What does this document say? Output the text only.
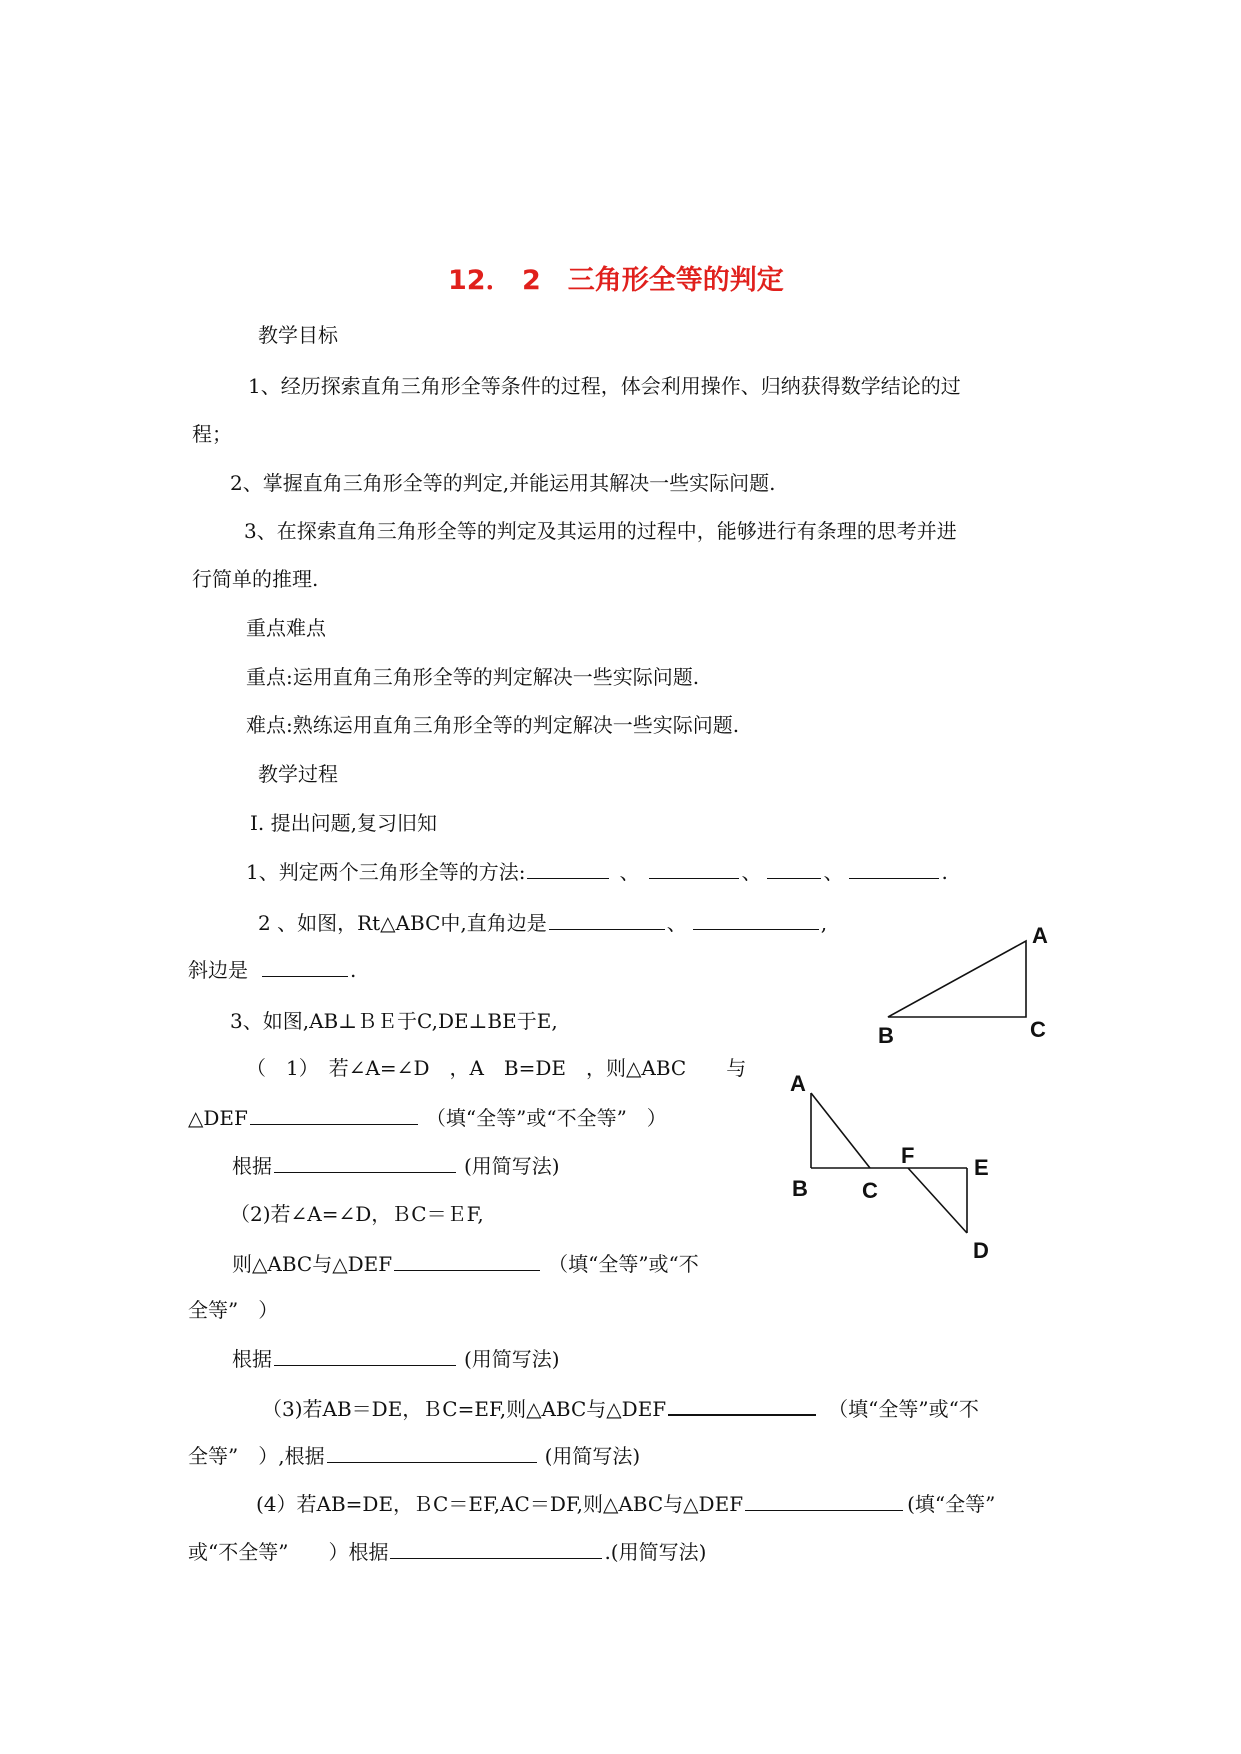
12． 2　三角形全等的判定
教学目标
1、经历探索直角三角形全等条件的过程，体会利用操作、归纳获得数学结论的过
程；
2、掌握直角三角形全等的判定,并能运用其解决一些实际问题.
3、在探索直角三角形全等的判定及其运用的过程中，能够进行有条理的思考并进
行简单的推理.
重点难点
重点:运用直角三角形全等的判定解决一些实际问题.
难点:熟练运用直角三角形全等的判定解决一些实际问题.
教学过程
Ⅰ. 提出问题,复习旧知
1、判定两个三角形全等的方法:	、	、	、	.
2 、如图，Rt△ABC中,直角边是	、	,
斜边是	.
3、如图,AB⊥ＢＥ于C,DE⊥BE于E,
（　1）　若∠A=∠D　，A　B=DE　，则△ABC　　与
△DEF	（填“全等”或“不全等”　）
根据	(用简写法)
（2)若∠A=∠D，ＢC＝ＥF,
则△ABC与△DEF	（填“全等”或“不
全等”　）
根据	(用简写法)
（3)若AB＝DE，ＢC=EF,则△ABC与△DEF	（填“全等”或“不
全等”　）,根据	(用简写法)
(4）若AB=DE，ＢC＝EF,AC＝DF,则△ABC与△DEF	(填“全等”
或“不全等”　　）根据	.(用简写法)
A
B	C
A
B C
F	E
D
